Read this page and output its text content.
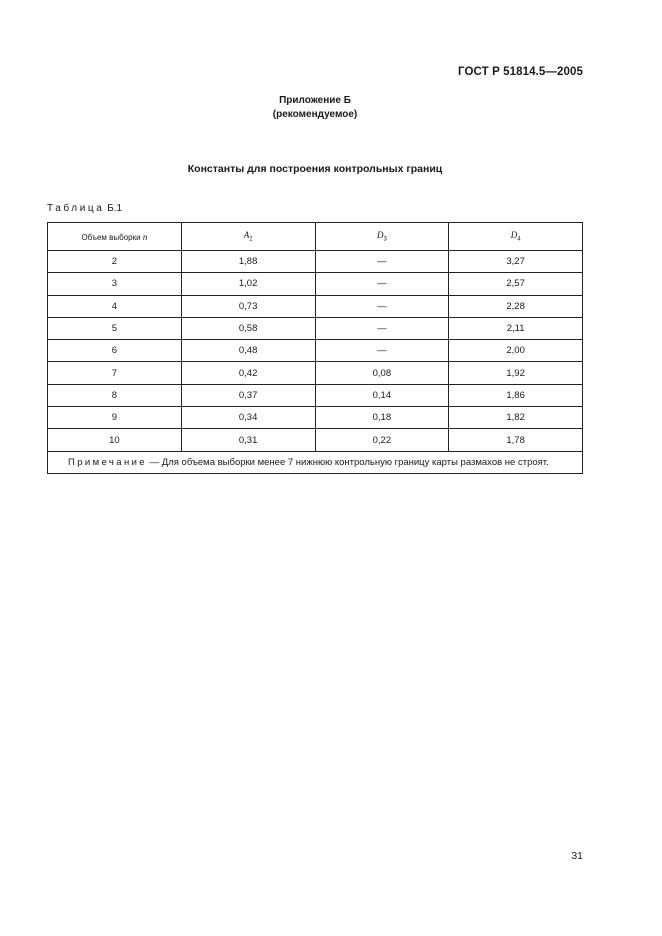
ГОСТ Р 51814.5—2005
Приложение Б
(рекомендуемое)
Константы для построения контрольных границ
Таблица Б.1
Объем выборки n	$A_2$	$D_3$	$D_4$
2	1,88	—	3,27
3	1,02	—	2,57
4	0,73	—	2,28
5	0,58	—	2,11
6	0,48	—	2,00
7	0,42	0,08	1,92
8	0,37	0,14	1,86
9	0,34	0,18	1,82
10	0,31	0,22	1,78
Примечание — Для объема выборки менее 7 нижнюю контрольную границу карты размахов не строят.			
31
